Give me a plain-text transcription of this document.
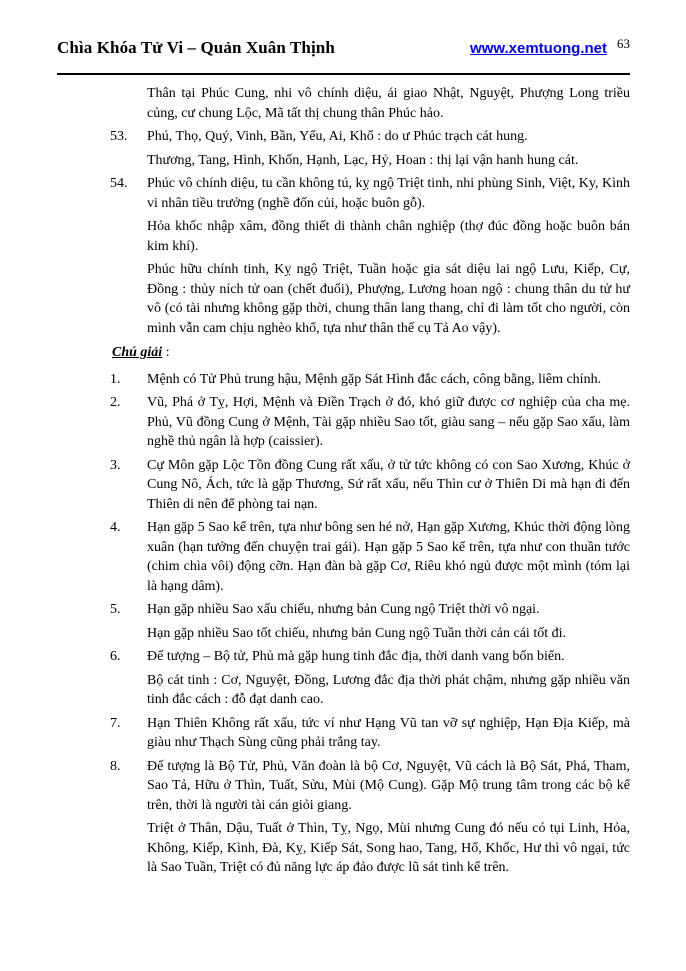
Chìa Khóa Tử Vi – Quản Xuân Thịnh	www.xemtuong.net 63

Thân tại Phúc Cung, nhi vô chính diệu, ái giao Nhật, Nguyệt, Phượng Long triều củng, cư chung Lộc, Mã tất thị chung thân Phúc hảo.

53. Phú, Thọ, Quý, Vinh, Bần, Yểu, Ai, Khổ : do ư Phúc trạch cát hung.

Thương, Tang, Hình, Khốn, Hạnh, Lạc, Hỷ, Hoan : thị lại vận hanh hung cát.

54. Phúc vô chính diệu, tu cần không tú, kỵ ngộ Triệt tinh, nhi phùng Sinh, Việt, Ky, Kình vi nhân tiều trưởng (nghề đốn củi, hoặc buôn gỗ).

Hỏa khốc nhập xâm, đồng thiết di thành chân nghiệp (thợ đúc đồng hoặc buôn bán kim khí).

Phúc hữu chính tinh, Kỵ ngộ Triệt, Tuần hoặc gia sát diệu lai ngộ Lưu, Kiếp, Cự, Đồng : thủy ních tử oan (chết đuối), Phượng, Lương hoan ngộ : chung thân du tử hư vô (có tài nhưng không gặp thời, chung thân lang thang, chỉ đi làm tốt cho người, còn mình vẫn cam chịu nghèo khổ, tựa như thân thế cụ Tả Ao vậy).

Chú giải :
1. Mệnh có Tử Phủ trung hậu, Mệnh gặp Sát Hình đắc cách, công bằng, liêm chính.

2. Vũ, Phá ở Tỵ, Hợi, Mệnh và Điền Trạch ở đó, khó giữ được cơ nghiệp của cha mẹ. Phủ, Vũ đồng Cung ở Mệnh, Tài gặp nhiều Sao tốt, giàu sang – nếu gặp Sao xấu, làm nghề thủ ngân là hợp (caissier).

3. Cự Môn gặp Lộc Tồn đồng Cung rất xấu, ở tử tức không có con Sao Xương, Khúc ở Cung Nô, Ách, tức là gặp Thương, Sứ rất xấu, nếu Thìn cư ở Thiên Di mà hạn đi đến Thiên di nên để phòng tai nạn.

4. Hạn gặp 5 Sao kể trên, tựa như bông sen hé nở, Hạn gặp Xương, Khúc thời động lòng xuân (hạn tưởng đến chuyện trai gái). Hạn gặp 5 Sao kể trên, tựa như con thuần tước (chim chìa vôi) động cỡn. Hạn đàn bà gặp Cơ, Riêu khó ngủ được một mình (tóm lại là hạng dâm).

5. Hạn gặp nhiều Sao xấu chiếu, nhưng bản Cung ngộ Triệt thời vô ngại.

Hạn gặp nhiều Sao tốt chiếu, nhưng bản Cung ngộ Tuần thời cản cái tốt đi.

6. Đế tượng – Bộ tử, Phủ mà gặp hung tinh đắc địa, thời danh vang bốn biển.

Bộ cát tinh : Cơ, Nguyệt, Đồng, Lương đắc địa thời phát chậm, nhưng gặp nhiều văn tinh đắc cách : đỗ đạt danh cao.

7. Hạn Thiên Không rất xấu, tức ví như Hạng Vũ tan vỡ sự nghiệp, Hạn Địa Kiếp, mà giàu như Thạch Sùng cũng phải trắng tay.

8. Đế tượng là Bộ Tử, Phủ, Văn đoàn là bộ Cơ, Nguyệt, Vũ cách là Bộ Sát, Phá, Tham, Sao Tả, Hữu ở Thìn, Tuất, Sửu, Mùi (Mộ Cung). Gặp Mộ trung tâm trong các bộ kể trên, thời là người tài cán giỏi giang.

Triệt ở Thân, Dậu, Tuất ở Thìn, Tỵ, Ngọ, Mùi nhưng Cung đó nếu có tụi Linh, Hỏa, Không, Kiếp, Kình, Đà, Kỵ, Kiếp Sát, Song hao, Tang, Hổ, Khốc, Hư thì vô ngại, tức là Sao Tuần, Triệt có đủ năng lực áp đảo được lũ sát tinh kể trên.
